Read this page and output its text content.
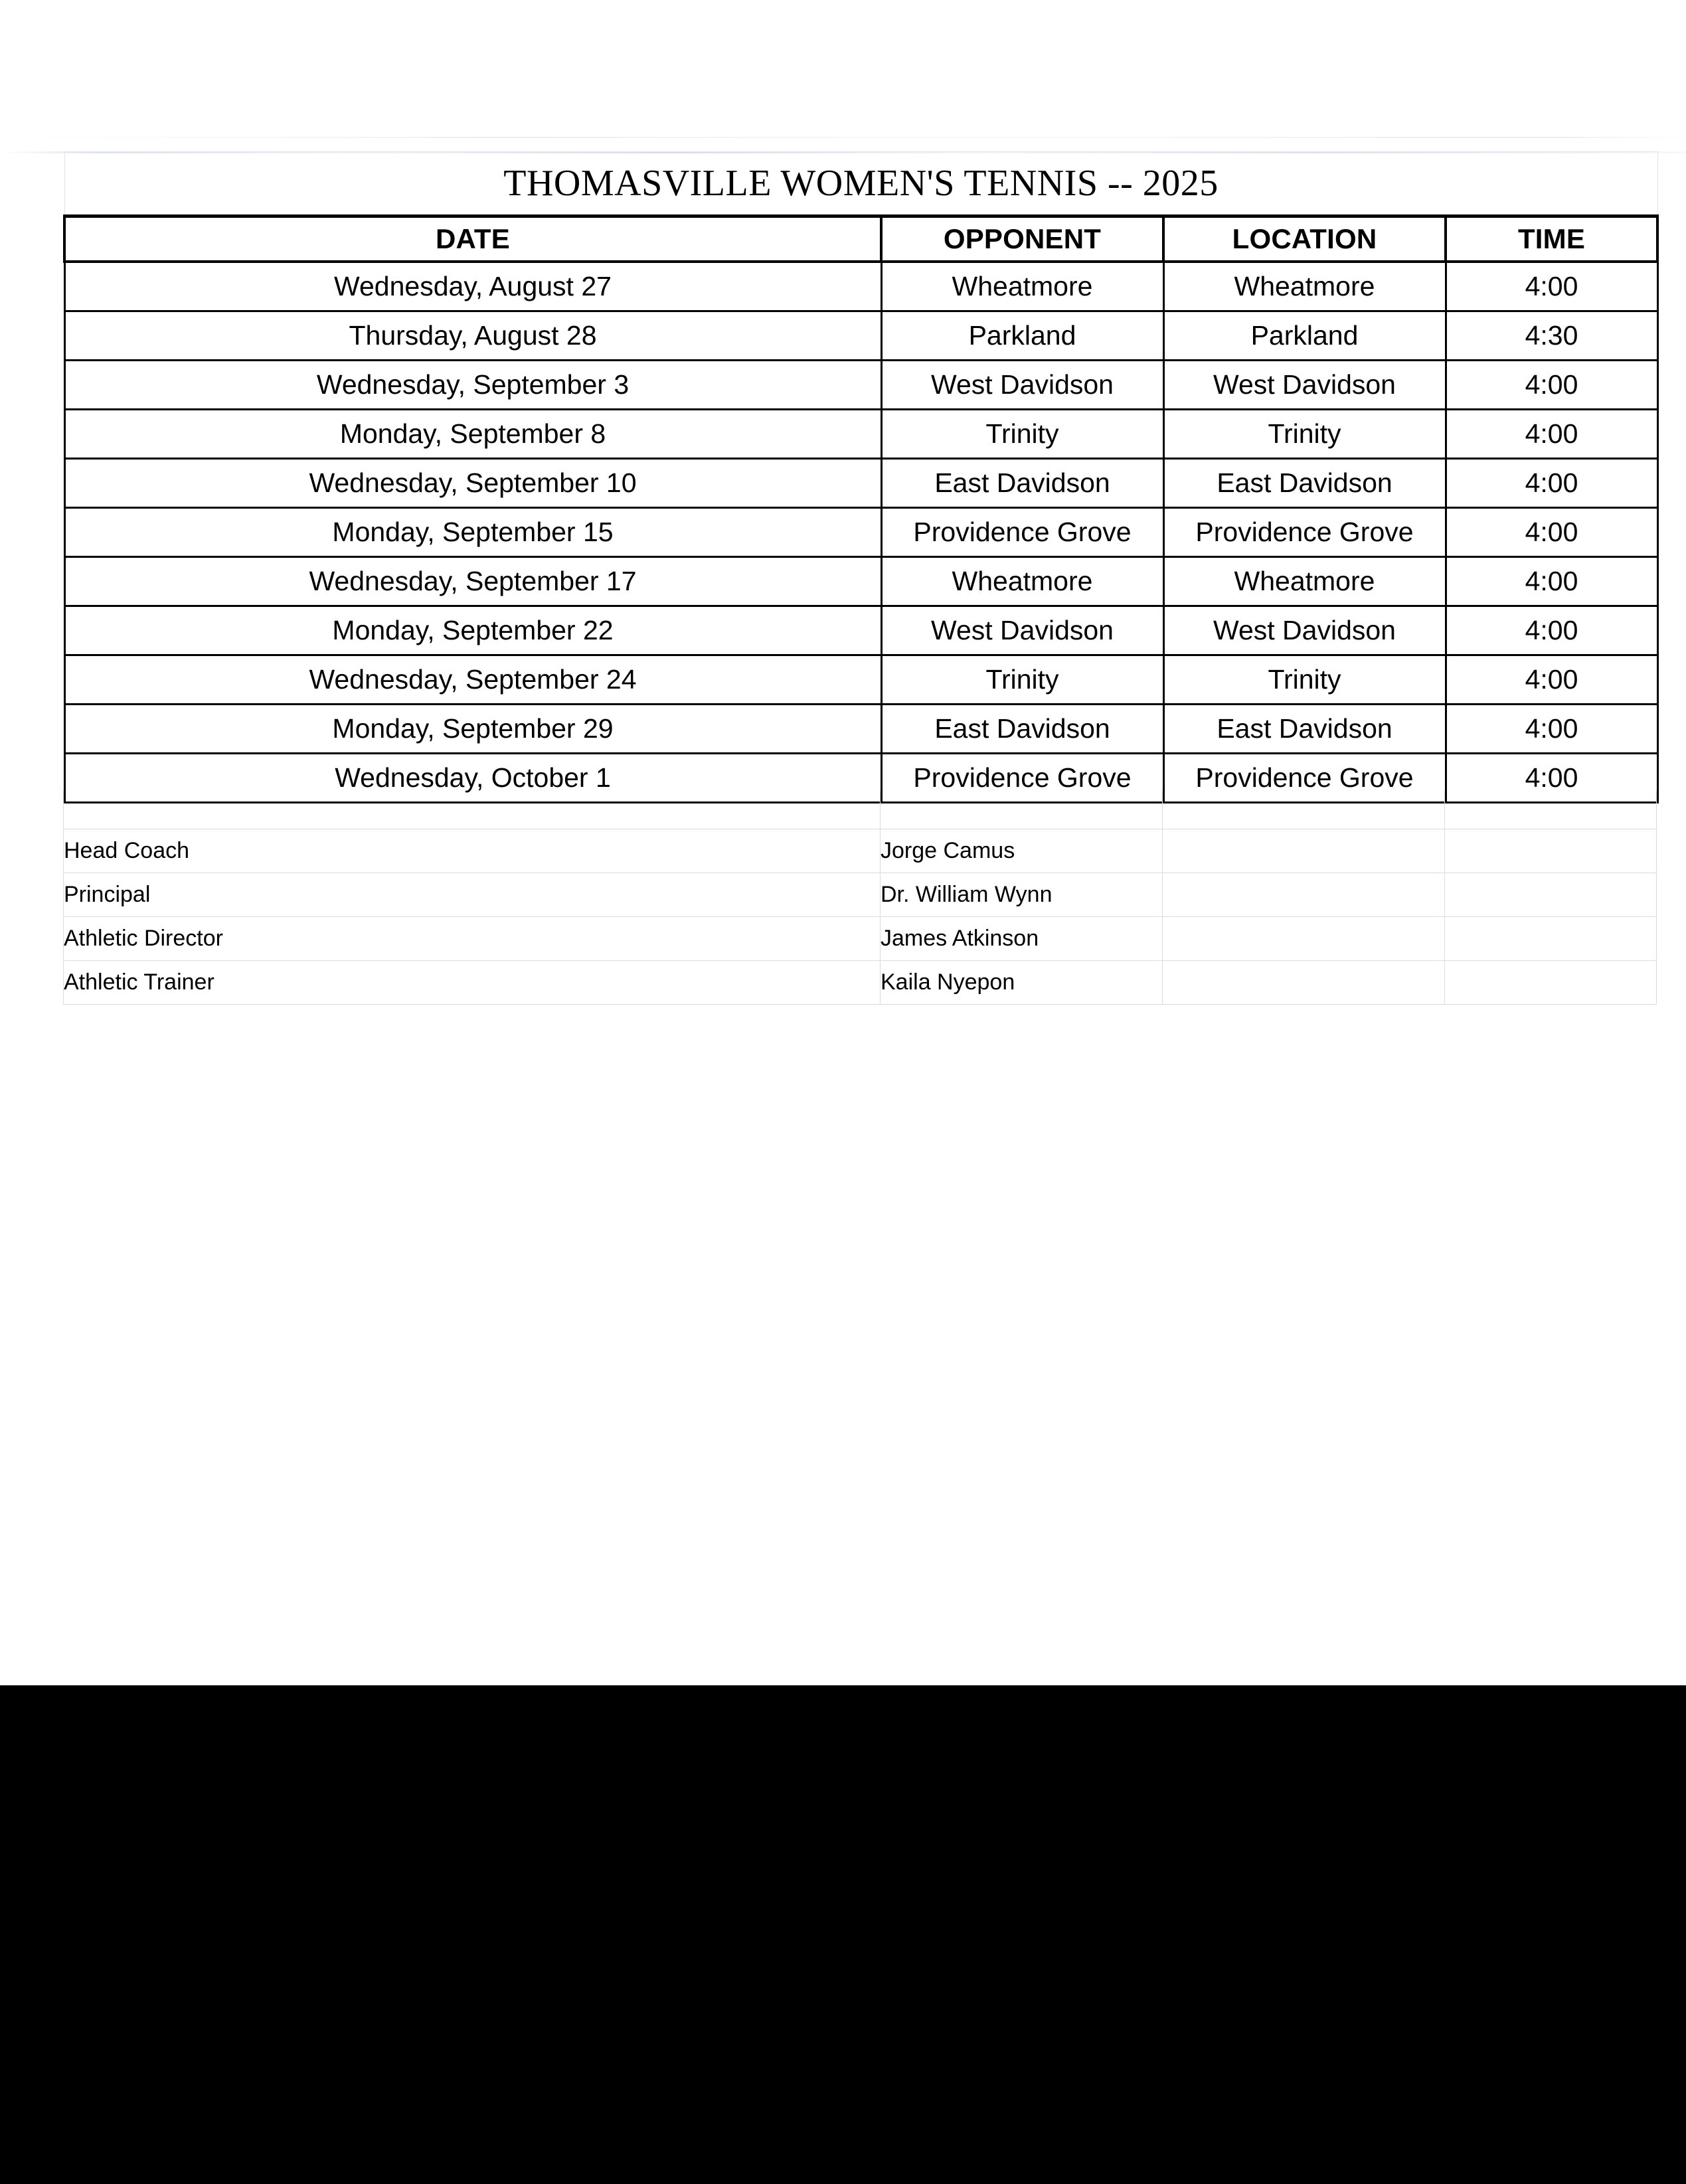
THOMASVILLE WOMEN'S TENNIS -- 2025			
DATE	OPPONENT	LOCATION	TIME
Wednesday, August 27	Wheatmore	Wheatmore	4:00
Thursday, August 28	Parkland	Parkland	4:30
Wednesday, September 3	West Davidson	West Davidson	4:00
Monday, September 8	Trinity	Trinity	4:00
Wednesday, September 10	East Davidson	East Davidson	4:00
Monday, September 15	Providence Grove	Providence Grove	4:00
Wednesday, September 17	Wheatmore	Wheatmore	4:00
Monday, September 22	West Davidson	West Davidson	4:00
Wednesday, September 24	Trinity	Trinity	4:00
Monday, September 29	East Davidson	East Davidson	4:00
Wednesday, October 1	Providence Grove	Providence Grove	4:00

Head Coach	Jorge Camus		
Principal	Dr. William Wynn		
Athletic Director	James Atkinson		
Athletic Trainer	Kaila Nyepon		
